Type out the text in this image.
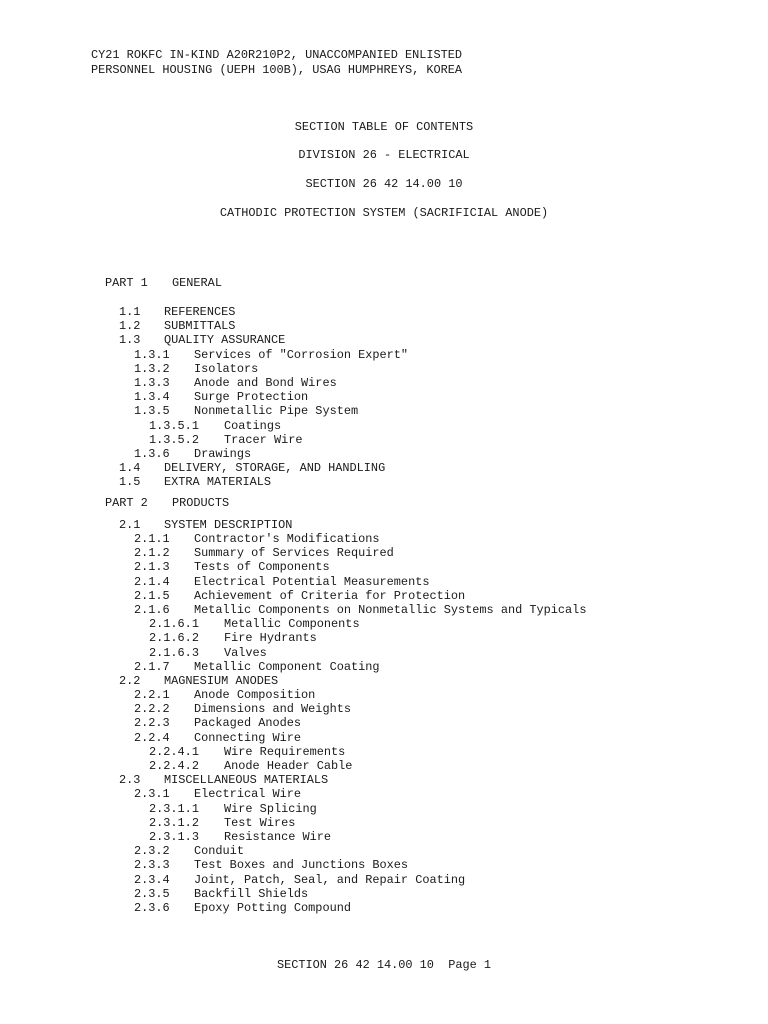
CY21 ROKFC IN-KIND A20R210P2, UNACCOMPANIED ENLISTED
PERSONNEL HOUSING (UEPH 100B), USAG HUMPHREYS, KOREA
SECTION TABLE OF CONTENTS
DIVISION 26 - ELECTRICAL
SECTION 26 42 14.00 10
CATHODIC PROTECTION SYSTEM (SACRIFICIAL ANODE)
PART 1 GENERAL
1.1 REFERENCES
1.2 SUBMITTALS
1.3 QUALITY ASSURANCE
1.3.1 Services of "Corrosion Expert"
1.3.2 Isolators
1.3.3 Anode and Bond Wires
1.3.4 Surge Protection
1.3.5 Nonmetallic Pipe System
1.3.5.1 Coatings
1.3.5.2 Tracer Wire
1.3.6 Drawings
1.4 DELIVERY, STORAGE, AND HANDLING
1.5 EXTRA MATERIALS
PART 2 PRODUCTS
2.1 SYSTEM DESCRIPTION
2.1.1 Contractor's Modifications
2.1.2 Summary of Services Required
2.1.3 Tests of Components
2.1.4 Electrical Potential Measurements
2.1.5 Achievement of Criteria for Protection
2.1.6 Metallic Components on Nonmetallic Systems and Typicals
2.1.6.1 Metallic Components
2.1.6.2 Fire Hydrants
2.1.6.3 Valves
2.1.7 Metallic Component Coating
2.2 MAGNESIUM ANODES
2.2.1 Anode Composition
2.2.2 Dimensions and Weights
2.2.3 Packaged Anodes
2.2.4 Connecting Wire
2.2.4.1 Wire Requirements
2.2.4.2 Anode Header Cable
2.3 MISCELLANEOUS MATERIALS
2.3.1 Electrical Wire
2.3.1.1 Wire Splicing
2.3.1.2 Test Wires
2.3.1.3 Resistance Wire
2.3.2 Conduit
2.3.3 Test Boxes and Junctions Boxes
2.3.4 Joint, Patch, Seal, and Repair Coating
2.3.5 Backfill Shields
2.3.6 Epoxy Potting Compound
SECTION 26 42 14.00 10  Page 1
